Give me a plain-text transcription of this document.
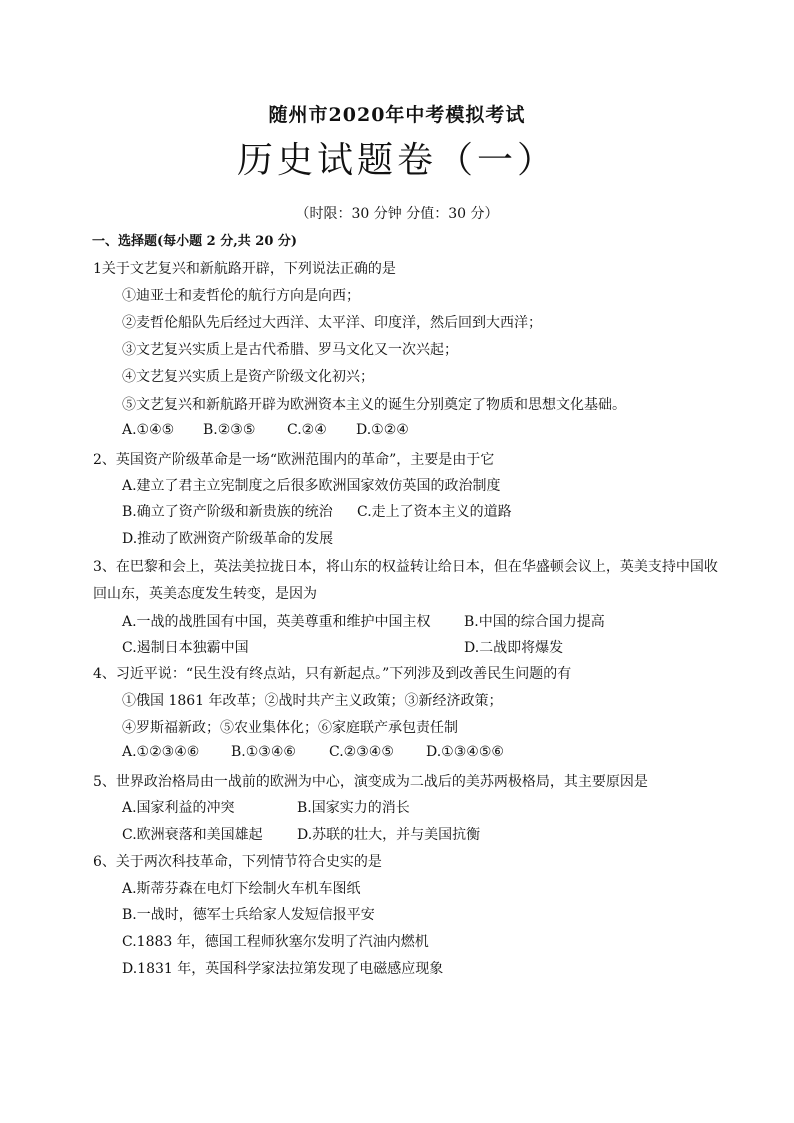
随州市2020年中考模拟考试
历史试题卷（一）
（时限：30 分钟 分值：30 分）
一、选择题(每小题 2 分,共 20 分)
1关于文艺复兴和新航路开辟，下列说法正确的是
①迪亚士和麦哲伦的航行方向是向西；
②麦哲伦船队先后经过大西洋、太平洋、印度洋，然后回到大西洋；
③文艺复兴实质上是古代希腊、罗马文化又一次兴起；
④文艺复兴实质上是资产阶级文化初兴；
⑤文艺复兴和新航路开辟为欧洲资本主义的诞生分别奠定了物质和思想文化基础。
A.①④⑤ B.②③⑤ C.②④ D.①②④
2、英国资产阶级革命是一场“欧洲范围内的革命”，主要是由于它
A.建立了君主立宪制度之后很多欧洲国家效仿英国的政治制度
B.确立了资产阶级和新贵族的统治 C.走上了资本主义的道路
D.推动了欧洲资产阶级革命的发展
3、在巴黎和会上，英法美拉拢日本，将山东的权益转让给日本，但在华盛顿会议上，英美支持中国收
回山东，英美态度发生转变，是因为
A.一战的战胜国有中国，英美尊重和维护中国主权 B.中国的综合国力提高
C.遏制日本独霸中国	D.二战即将爆发
4、习近平说：“民生没有终点站，只有新起点。”下列涉及到改善民生问题的有
①俄国 1861 年改革；②战时共产主义政策；③新经济政策；
④罗斯福新政；⑤农业集体化；⑥家庭联产承包责任制
A.①②③④⑥ B.①③④⑥ C.②③④⑤ D.①③④⑤⑥
5、世界政治格局由一战前的欧洲为中心，演变成为二战后的美苏两极格局，其主要原因是
A.国家利益的冲突	B.国家实力的消长
C.欧洲衰落和美国雄起 D.苏联的壮大，并与美国抗衡
6、关于两次科技革命，下列情节符合史实的是
A.斯蒂芬森在电灯下绘制火车机车图纸
B.一战时，德军士兵给家人发短信报平安
C.1883 年，德国工程师狄塞尔发明了汽油内燃机
D.1831 年，英国科学家法拉第发现了电磁感应现象
